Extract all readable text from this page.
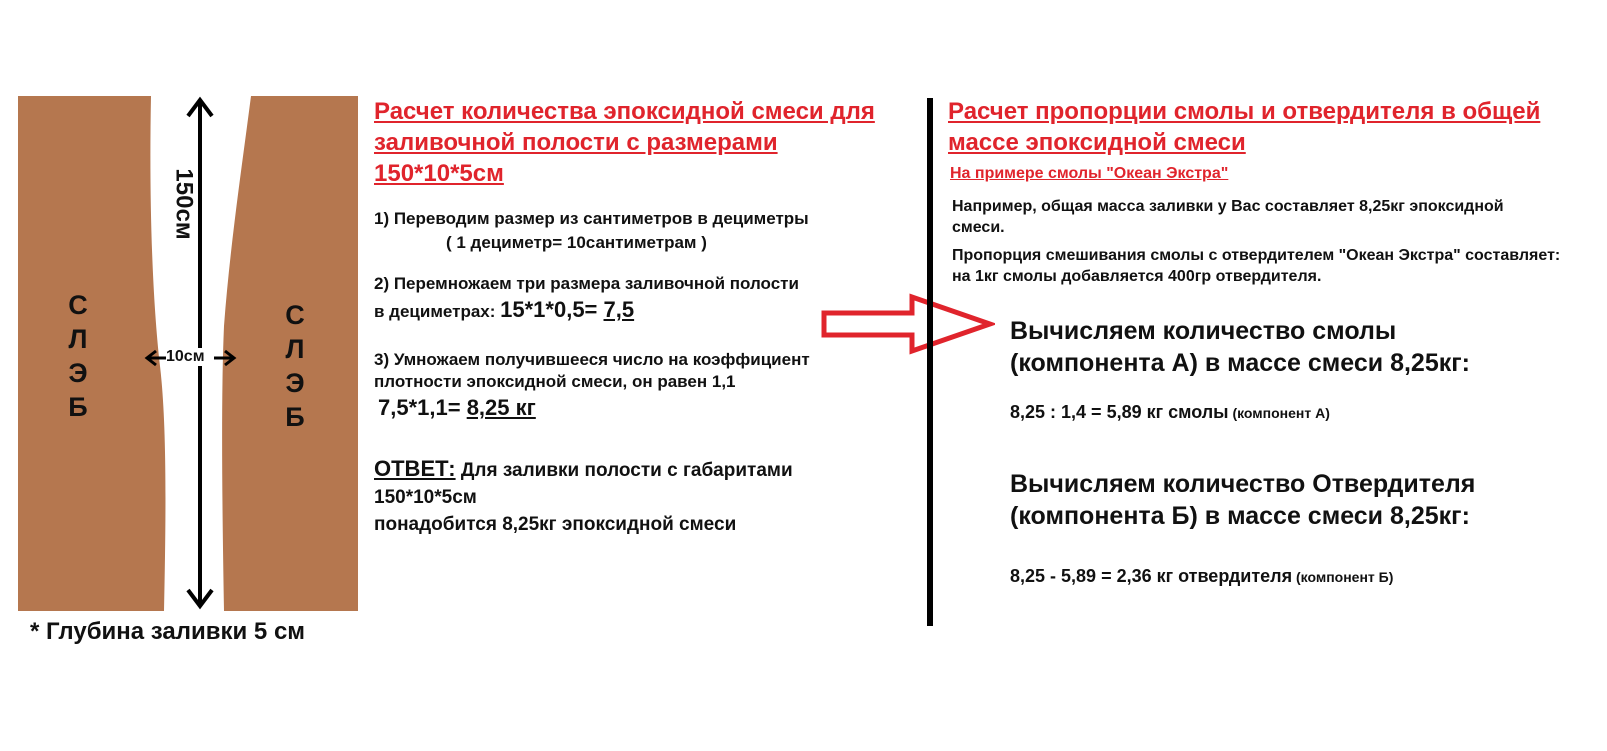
150см
10см
С
Л
Э
Б
С
Л
Э
Б
* Глубина заливки 5 см
Расчет количества эпоксидной смеси для заливочной полости с размерами 150*10*5см
1) Переводим размер из сантиметров в дециметры
( 1 дециметр= 10сантиметрам )
2) Перемножаем три размера заливочной полости
в дециметрах: 15*1*0,5= 7,5
3) Умножаем получившееся число на коэффициент плотности эпоксидной смеси, он равен 1,1
7,5*1,1= 8,25 кг
ОТВЕТ: Для заливки полости с габаритами
150*10*5см
понадобится 8,25кг эпоксидной смеси
Расчет пропорции смолы и отвердителя в общей массе эпоксидной смеси
На примере смолы "Океан Экстра"
Например, общая масса заливки у Вас составляет 8,25кг эпоксидной смеси.
Пропорция смешивания смолы с отвердителем "Океан Экстра" составляет: на 1кг смолы добавляется 400гр отвердителя.
Вычисляем количество смолы
(компонента А) в массе смеси 8,25кг:
8,25 : 1,4 = 5,89 кг смолы (компонент А)
Вычисляем количество Отвердителя
(компонента Б) в массе смеси 8,25кг:
8,25 - 5,89 = 2,36 кг отвердителя (компонент Б)
